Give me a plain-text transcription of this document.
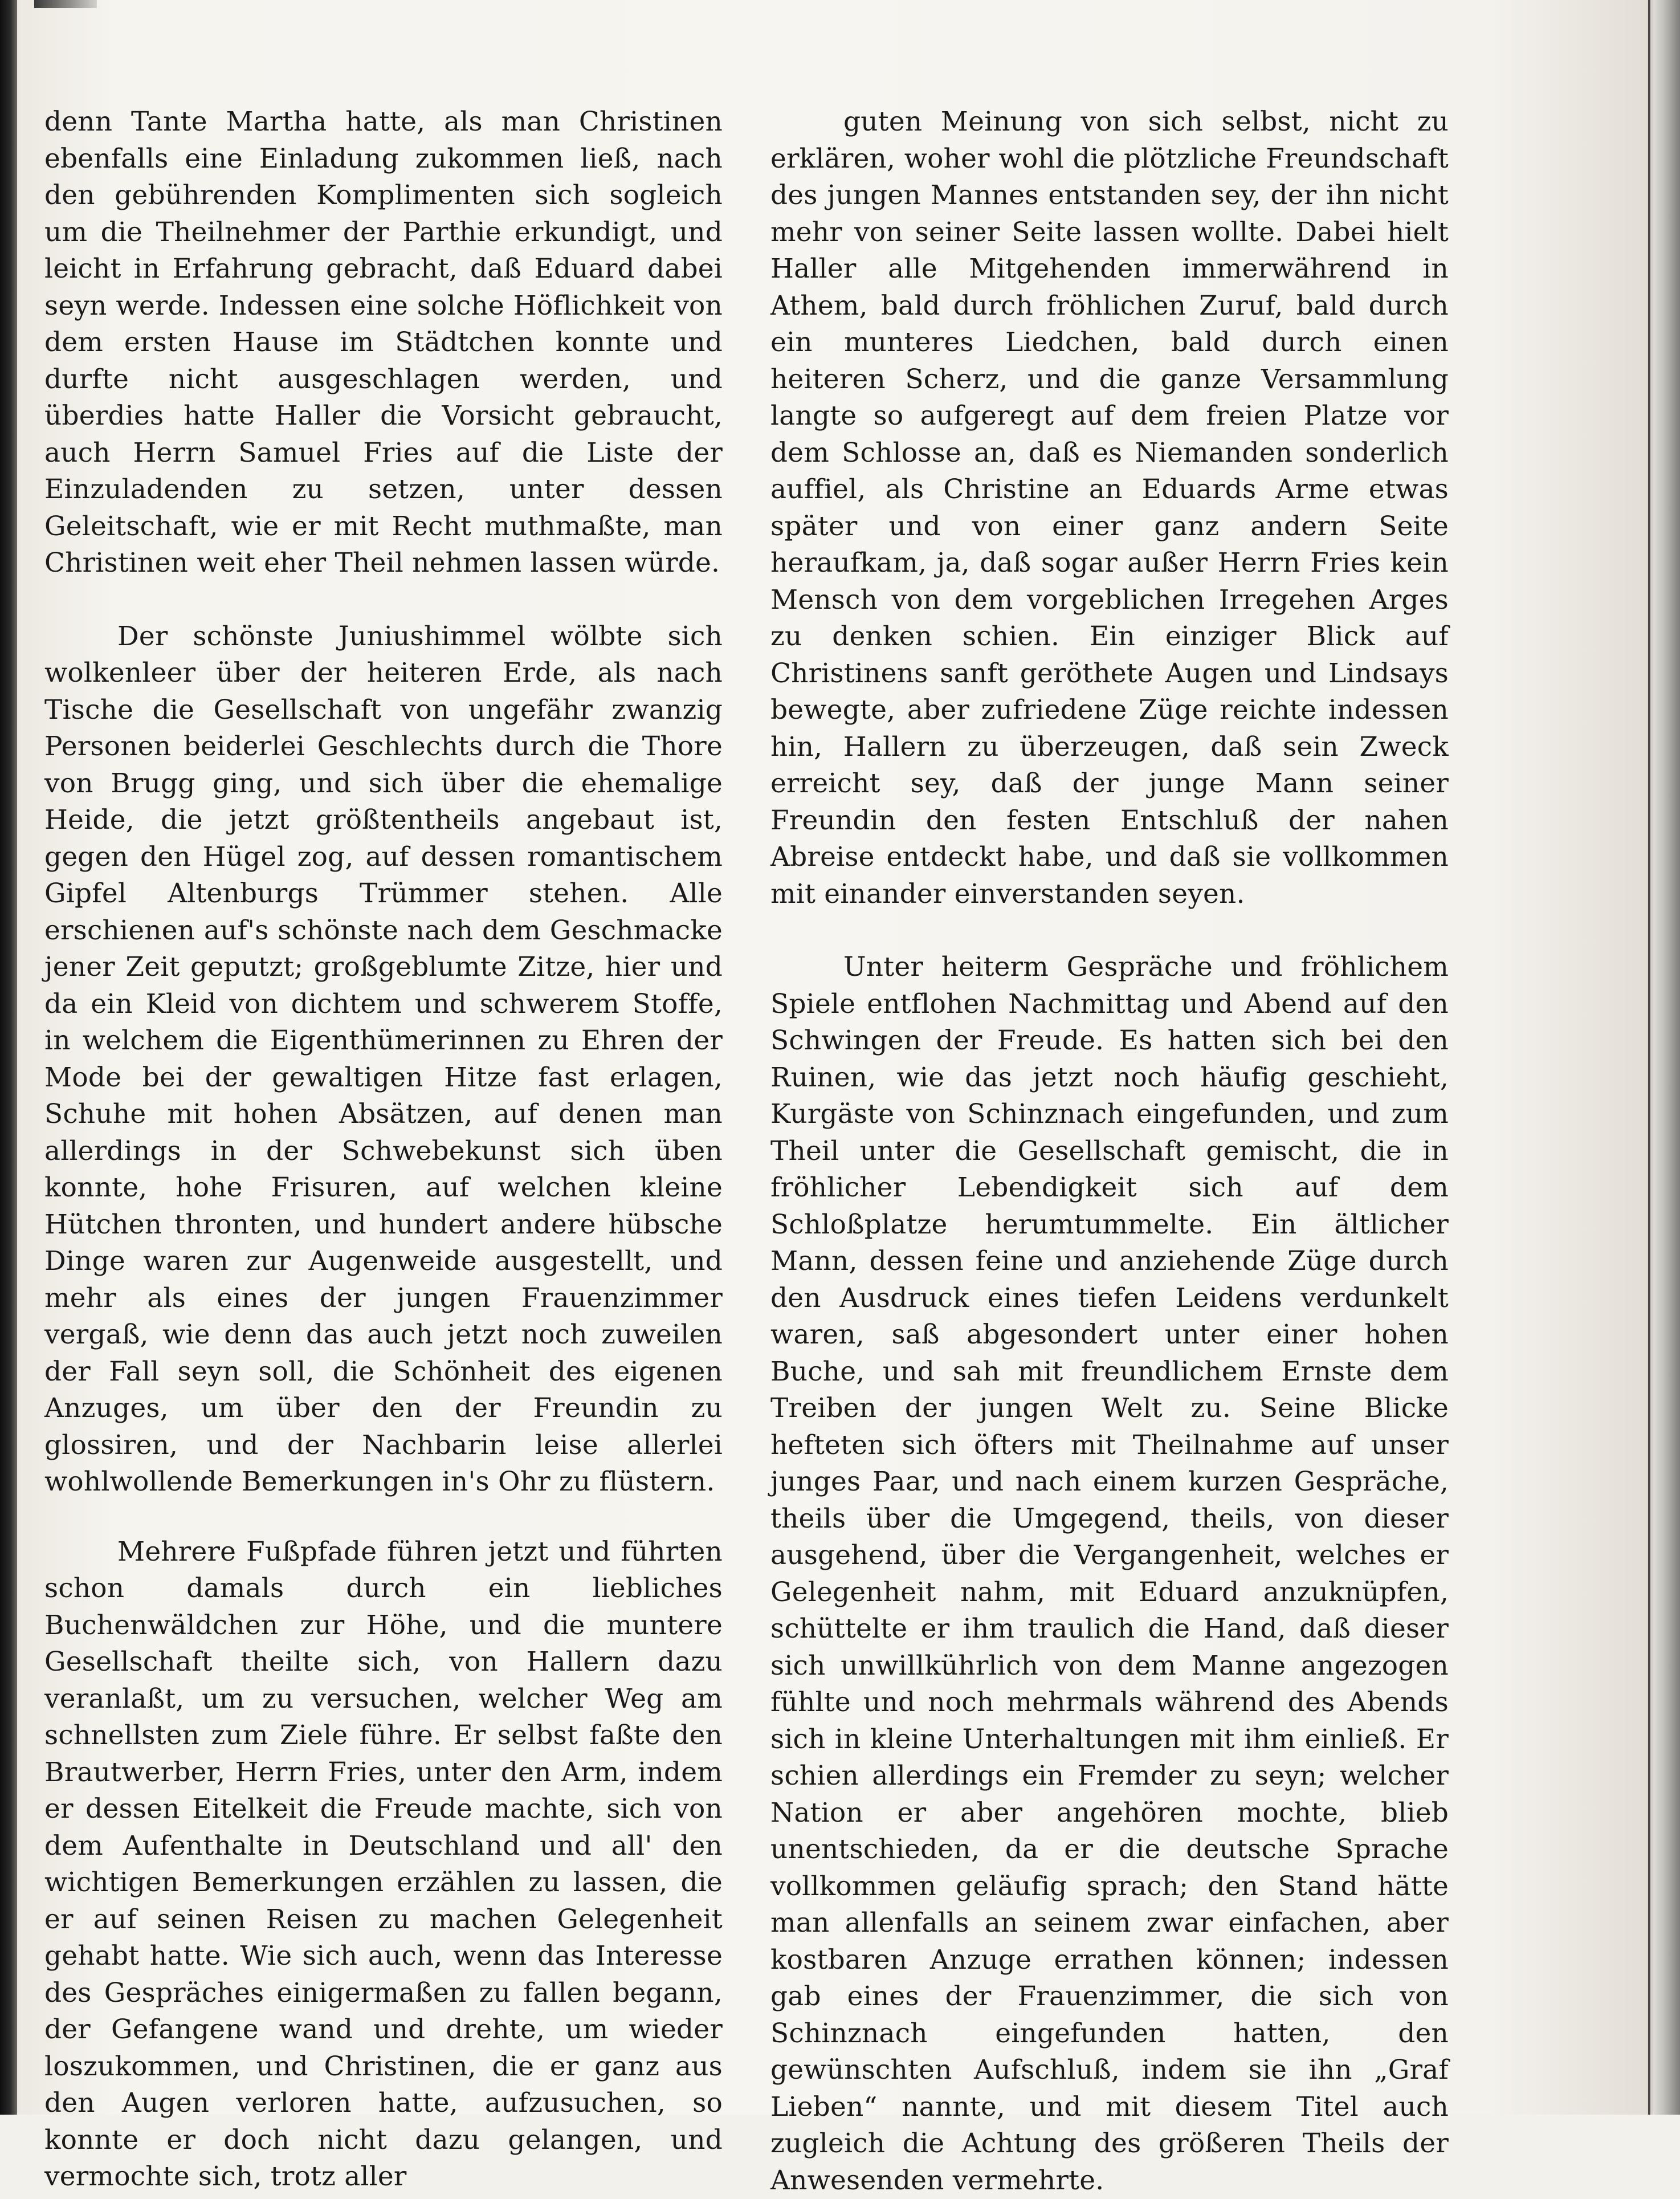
denn Tante Martha hatte, als man Christinen ebenfalls eine Einladung zukommen ließ, nach den gebührenden Komplimenten sich sogleich um die Theilnehmer der Parthie erkundigt, und leicht in Erfahrung gebracht, daß Eduard dabei seyn werde. Indessen eine solche Höflichkeit von dem ersten Hause im Städtchen konnte und durfte nicht ausgeschlagen werden, und überdies hatte Haller die Vorsicht gebraucht, auch Herrn Samuel Fries auf die Liste der Einzuladenden zu setzen, unter dessen Geleitschaft, wie er mit Recht muthmaßte, man Christinen weit eher Theil nehmen lassen würde.

Der schönste Juniushimmel wölbte sich wolkenleer über der heiteren Erde, als nach Tische die Gesellschaft von ungefähr zwanzig Personen beiderlei Geschlechts durch die Thore von Brugg ging, und sich über die ehemalige Heide, die jetzt größtentheils angebaut ist, gegen den Hügel zog, auf dessen romantischem Gipfel Altenburgs Trümmer stehen. Alle erschienen auf's schönste nach dem Geschmacke jener Zeit geputzt; großgeblumte Zitze, hier und da ein Kleid von dichtem und schwerem Stoffe, in welchem die Eigenthümerinnen zu Ehren der Mode bei der gewaltigen Hitze fast erlagen, Schuhe mit hohen Absätzen, auf denen man allerdings in der Schwebekunst sich üben konnte, hohe Frisuren, auf welchen kleine Hütchen thronten, und hundert andere hübsche Dinge waren zur Augenweide ausgestellt, und mehr als eines der jungen Frauenzimmer vergaß, wie denn das auch jetzt noch zuweilen der Fall seyn soll, die Schönheit des eigenen Anzuges, um über den der Freundin zu glossiren, und der Nachbarin leise allerlei wohlwollende Bemerkungen in's Ohr zu flüstern.

Mehrere Fußpfade führen jetzt und führten schon damals durch ein liebliches Buchenwäldchen zur Höhe, und die muntere Gesellschaft theilte sich, von Hallern dazu veranlaßt, um zu versuchen, welcher Weg am schnellsten zum Ziele führe. Er selbst faßte den Brautwerber, Herrn Fries, unter den Arm, indem er dessen Eitelkeit die Freude machte, sich von dem Aufenthalte in Deutschland und all' den wichtigen Bemerkungen erzählen zu lassen, die er auf seinen Reisen zu machen Gelegenheit gehabt hatte. Wie sich auch, wenn das Interesse des Gespräches einigermaßen zu fallen begann, der Gefangene wand und drehte, um wieder loszukommen, und Christinen, die er ganz aus den Augen verloren hatte, aufzusuchen, so konnte er doch nicht dazu gelangen, und vermochte sich, trotz aller

guten Meinung von sich selbst, nicht zu erklären, woher wohl die plötzliche Freundschaft des jungen Mannes entstanden sey, der ihn nicht mehr von seiner Seite lassen wollte. Dabei hielt Haller alle Mitgehenden immerwährend in Athem, bald durch fröhlichen Zuruf, bald durch ein munteres Liedchen, bald durch einen heiteren Scherz, und die ganze Versammlung langte so aufgeregt auf dem freien Platze vor dem Schlosse an, daß es Niemanden sonderlich auffiel, als Christine an Eduards Arme etwas später und von einer ganz andern Seite heraufkam, ja, daß sogar außer Herrn Fries kein Mensch von dem vorgeblichen Irregehen Arges zu denken schien. Ein einziger Blick auf Christinens sanft geröthete Augen und Lindsays bewegte, aber zufriedene Züge reichte indessen hin, Hallern zu überzeugen, daß sein Zweck erreicht sey, daß der junge Mann seiner Freundin den festen Entschluß der nahen Abreise entdeckt habe, und daß sie vollkommen mit einander einverstanden seyen.

Unter heiterm Gespräche und fröhlichem Spiele entflohen Nachmittag und Abend auf den Schwingen der Freude. Es hatten sich bei den Ruinen, wie das jetzt noch häufig geschieht, Kurgäste von Schinznach eingefunden, und zum Theil unter die Gesellschaft gemischt, die in fröhlicher Lebendigkeit sich auf dem Schloßplatze herumtummelte. Ein ältlicher Mann, dessen feine und anziehende Züge durch den Ausdruck eines tiefen Leidens verdunkelt waren, saß abgesondert unter einer hohen Buche, und sah mit freundlichem Ernste dem Treiben der jungen Welt zu. Seine Blicke hefteten sich öfters mit Theilnahme auf unser junges Paar, und nach einem kurzen Gespräche, theils über die Umgegend, theils, von dieser ausgehend, über die Vergangenheit, welches er Gelegenheit nahm, mit Eduard anzuknüpfen, schüttelte er ihm traulich die Hand, daß dieser sich unwillkührlich von dem Manne angezogen fühlte und noch mehrmals während des Abends sich in kleine Unterhaltungen mit ihm einließ. Er schien allerdings ein Fremder zu seyn; welcher Nation er aber angehören mochte, blieb unentschieden, da er die deutsche Sprache vollkommen geläufig sprach; den Stand hätte man allenfalls an seinem zwar einfachen, aber kostbaren Anzuge errathen können; indessen gab eines der Frauenzimmer, die sich von Schinznach eingefunden hatten, den gewünschten Aufschluß, indem sie ihn „Graf Lieben“ nannte, und mit diesem Titel auch zugleich die Achtung des größeren Theils der Anwesenden vermehrte.
